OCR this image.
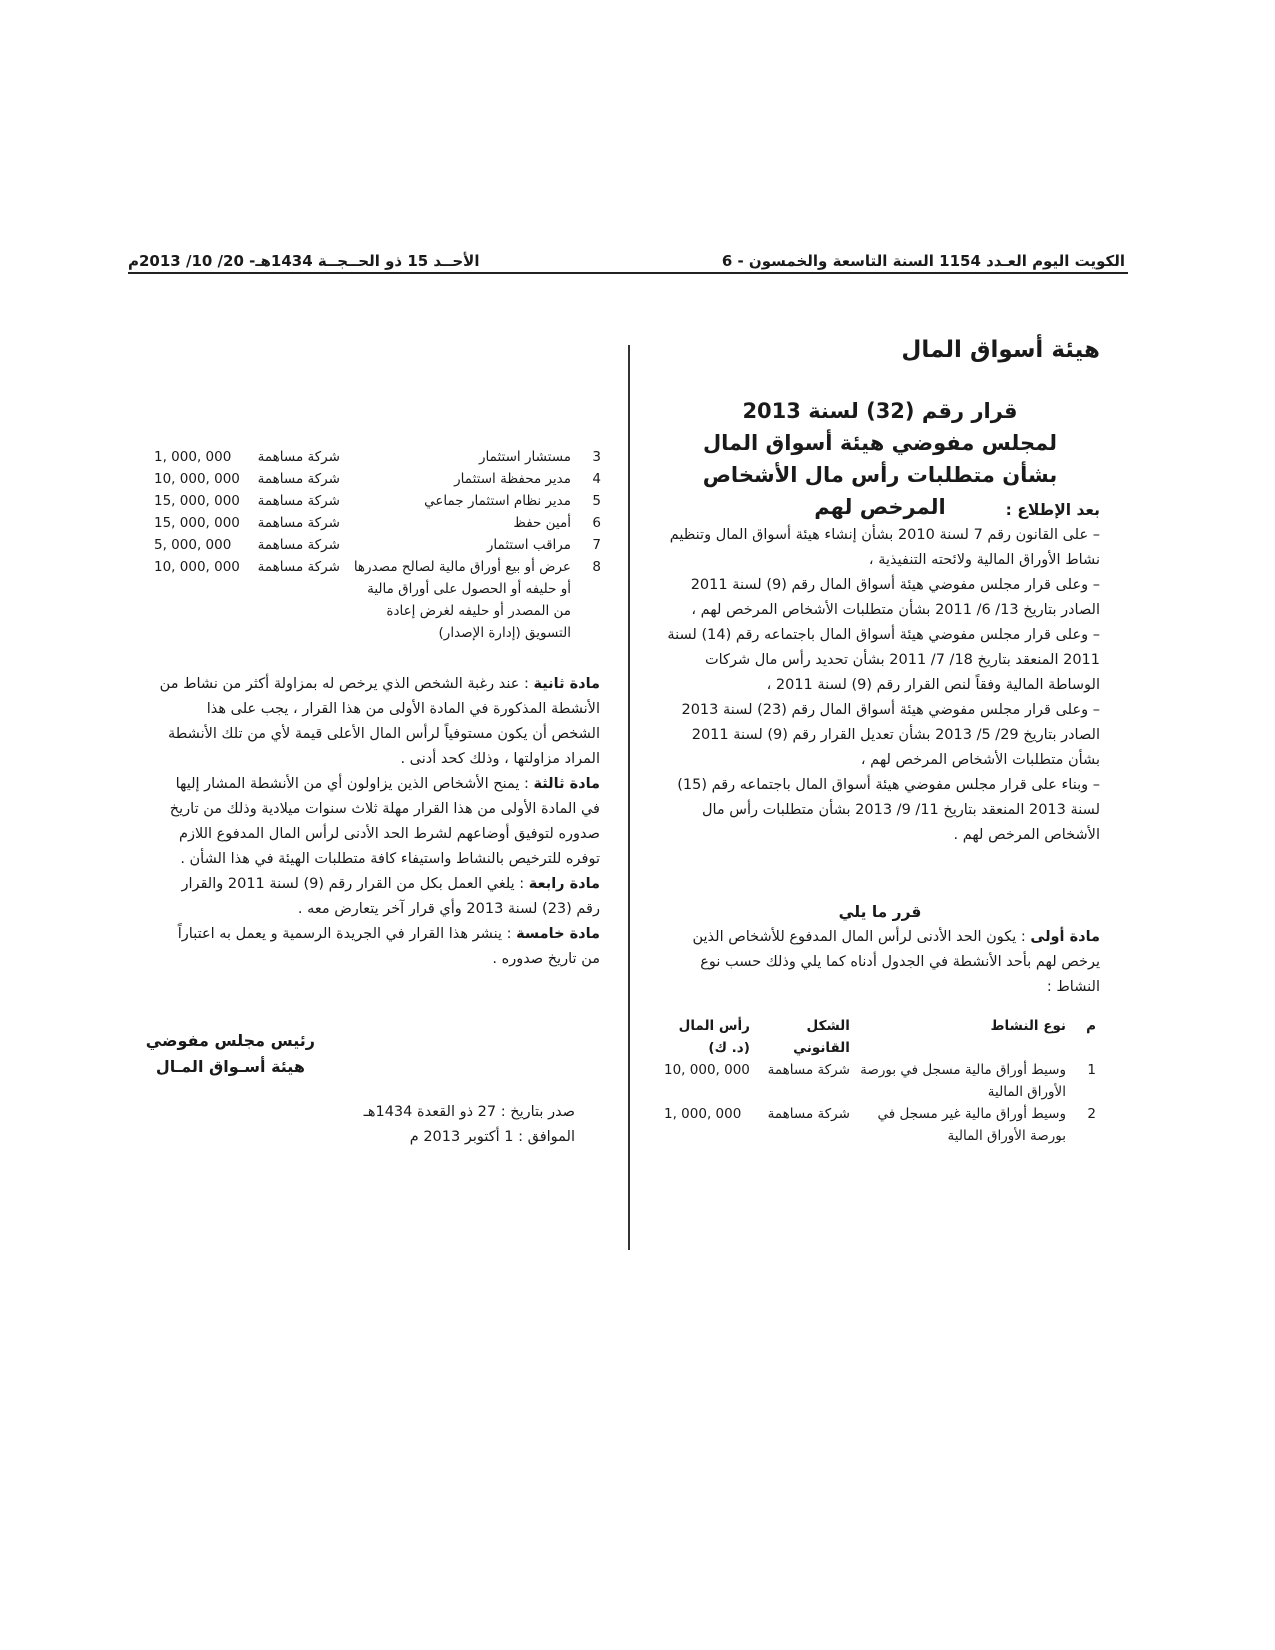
الكويت اليوم العـدد 1154 السنة التاسعة والخمسون - 6
الأحــد 15 ذو الحــجــة 1434هـ- 20/ 10/ 2013م
هيئة أسواق المال
قرار رقم (32) لسنة 2013
لمجلس مفوضي هيئة أسواق المال
بشأن متطلبات رأس مال الأشخاص المرخص لهم	بعد الإطلاع :
– على القانون رقم 7 لسنة 2010 بشأن إنشاء هيئة أسواق المال وتنظيم نشاط الأوراق المالية ولائحته التنفيذية ،
– وعلى قرار مجلس مفوضي هيئة أسواق المال رقم (9) لسنة 2011 الصادر بتاريخ 13/ 6/ 2011 بشأن متطلبات الأشخاص المرخص لهم ،
– وعلى قرار مجلس مفوضي هيئة أسواق المال باجتماعه رقم (14) لسنة 2011 المنعقد بتاريخ 18/ 7/ 2011 بشأن تحديد رأس مال شركات الوساطة المالية وفقاً لنص القرار رقم (9) لسنة 2011 ،
– وعلى قرار مجلس مفوضي هيئة أسواق المال رقم (23) لسنة 2013 الصادر بتاريخ 29/ 5/ 2013 بشأن تعديل القرار رقم (9) لسنة 2011 بشأن متطلبات الأشخاص المرخص لهم ،
– وبناء على قرار مجلس مفوضي هيئة أسواق المال باجتماعه رقم (15) لسنة 2013 المنعقد بتاريخ 11/ 9/ 2013 بشأن متطلبات رأس مال الأشخاص المرخص لهم .
قرر ما يلي
مادة أولى : يكون الحد الأدنى لرأس المال المدفوع للأشخاص الذين يرخص لهم بأحد الأنشطة في الجدول أدناه كما يلي وذلك حسب نوع النشاط :
م	نوع النشاط	الشكل القانوني	رأس المال
(د. ك)

1	وسيط أوراق مالية مسجل في بورصة الأوراق المالية	شركة مساهمة	10, 000, 000
2	وسيط أوراق مالية غير مسجل في بورصة الأوراق المالية	شركة مساهمة	1, 000, 000
3	مستشار استثمار	شركة مساهمة	1, 000, 000
4	مدير محفظة استثمار	شركة مساهمة	10, 000, 000
5	مدير نظام استثمار جماعي	شركة مساهمة	15, 000, 000
6	أمين حفظ	شركة مساهمة	15, 000, 000
7	مراقب استثمار	شركة مساهمة	5, 000, 000
8	عرض أو بيع أوراق مالية لصالح مصدرها أو حليفه أو الحصول على أوراق مالية من المصدر أو حليفه لغرض إعادة التسويق (إدارة الإصدار)	شركة مساهمة	10, 000, 000
مادة ثانية : عند رغبة الشخص الذي يرخص له بمزاولة أكثر من نشاط من الأنشطة المذكورة في المادة الأولى من هذا القرار ، يجب على هذا الشخص أن يكون مستوفياً لرأس المال الأعلى قيمة لأي من تلك الأنشطة المراد مزاولتها ، وذلك كحد أدنى .
مادة ثالثة : يمنح الأشخاص الذين يزاولون أي من الأنشطة المشار إليها في المادة الأولى من هذا القرار مهلة ثلاث سنوات ميلادية وذلك من تاريخ صدوره لتوفيق أوضاعهم لشرط الحد الأدنى لرأس المال المدفوع اللازم توفره للترخيص بالنشاط واستيفاء كافة متطلبات الهيئة في هذا الشأن .
مادة رابعة : يلغي العمل بكل من القرار رقم (9) لسنة 2011 والقرار رقم (23) لسنة 2013 وأي قرار آخر يتعارض معه .
مادة خامسة : ينشر هذا القرار في الجريدة الرسمية و يعمل به اعتباراً من تاريخ صدوره .
رئيس مجلس مفوضي
هيئة أسـواق المـال
صدر بتاريخ : 27 ذو القعدة 1434هـ
الموافق : 1 أكتوبر 2013 م
